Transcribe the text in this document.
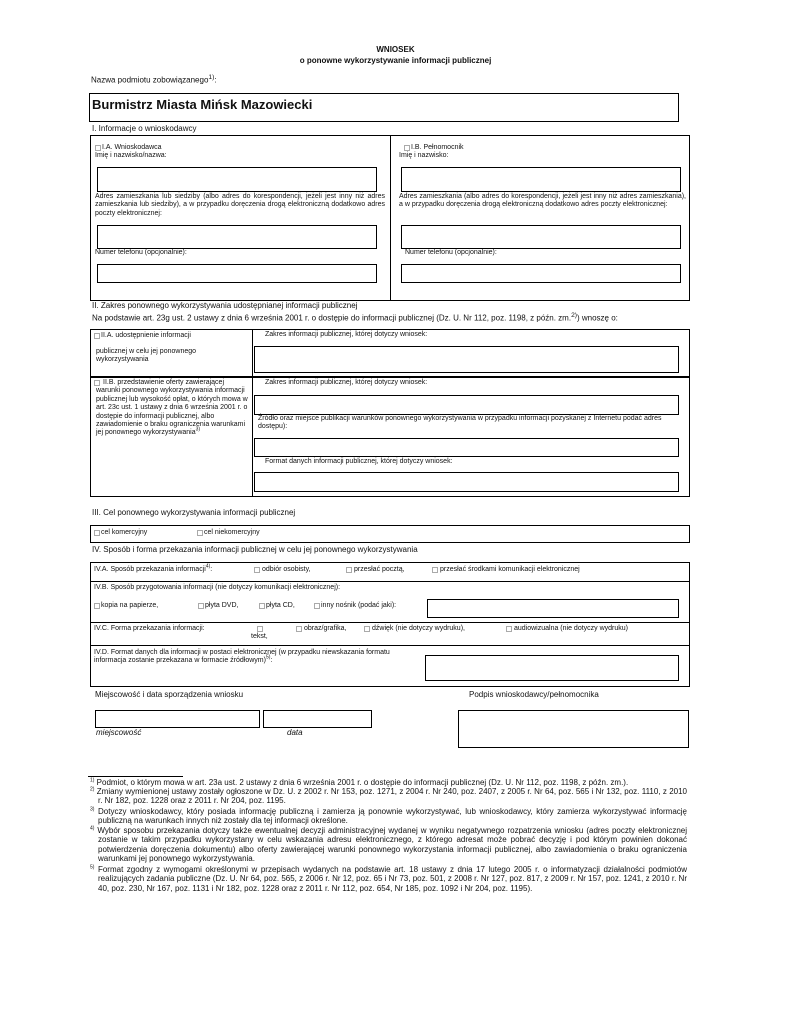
WNIOSEK
o ponowne wykorzystywanie informacji publicznej
Nazwa podmiotu zobowiązanego$^{1)}$:
Burmistrz Miasta Mińsk Mazowiecki
I. Informacje o wnioskodawcy
I.A. Wnioskodawca
Imię i nazwisko/nazwa:
Adres zamieszkania lub siedziby (albo adres do korespondencji, jeżeli jest inny niż adres zamieszkania lub siedziby), a w przypadku doręczenia drogą elektroniczną dodatkowo adres poczty elektronicznej:
Numer telefonu (opcjonalnie):
I.B. Pełnomocnik
Imię i nazwisko:
Adres zamieszkania (albo adres do korespondencji, jeżeli jest inny niż adres zamieszkania), a w przypadku doręczenia drogą elektroniczną dodatkowo adres poczty elektronicznej:
Numer telefonu (opcjonalnie):
II. Zakres ponownego wykorzystywania udostępnianej informacji publicznej
Na podstawie art. 23g ust. 2 ustawy z dnia 6 września 2001 r. o dostępie do informacji publicznej (Dz. U. Nr 112, poz. 1198, z późn. zm.$^{2)}$) wnoszę o:
II.A. udostępnienie informacji
publicznej w celu jej ponownego wykorzystywania
Zakres informacji publicznej, której dotyczy wniosek:
II.B. przedstawienie oferty zawierającej warunki ponownego wykorzystywania informacji publicznej lub wysokość opłat, o których mowa w art. 23c ust. 1 ustawy z dnia 6 września 2001 r. o dostępie do informacji publicznej, albo zawiadomienie o braku ograniczenia warunkami jej ponownego wykorzystywania$^{3)}$
Zakres informacji publicznej, której dotyczy wniosek:
Źródło oraz miejsce publikacji warunków ponownego wykorzystywania w przypadku informacji pozyskanej z Internetu podać adres dostępu):
Format danych informacji publicznej, której dotyczy wniosek:
III. Cel ponownego wykorzystywania informacji publicznej
cel komercyjny	cel niekomercyjny
IV. Sposób i forma przekazania informacji publicznej w celu jej ponownego wykorzystywania
IV.A. Sposób przekazania informacji$^{4)}$:	odbiór osobisty,	przesłać pocztą,	przesłać środkami komunikacji elektronicznej
IV.B. Sposób przygotowania informacji (nie dotyczy komunikacji elektronicznej):
kopia na papierze,	płyta DVD,	płyta CD,	inny nośnik (podać jaki):
IV.C. Forma przekazania informacji:
tekst,
obraz/grafika,	dźwięk (nie dotyczy wydruku),	audiowizualna (nie dotyczy wydruku)
IV.D. Format danych dla informacji w postaci elektronicznej (w przypadku niewskazania formatu informacja zostanie przekazana w formacie źródłowym)$^{5)}$:
Miejscowość i data sporządzenia wniosku	Podpis wnioskodawcy/pełnomocnika
miejscowość	data
$^{1)}$ Podmiot, o którym mowa w art. 23a ust. 2 ustawy z dnia 6 września 2001 r. o dostępie do informacji publicznej (Dz. U. Nr 112, poz. 1198, z późn. zm.).
$^{2)}$ Zmiany wymienionej ustawy zostały ogłoszone w Dz. U. z 2002 r. Nr 153, poz. 1271, z 2004 r. Nr 240, poz. 2407, z 2005 r. Nr 64, poz. 565 i Nr 132, poz. 1110, z 2010 r. Nr 182, poz. 1228 oraz z 2011 r. Nr 204, poz. 1195.
$^{3)}$ Dotyczy wnioskodawcy, który posiada informację publiczną i zamierza ją ponownie wykorzystywać, lub wnioskodawcy, który zamierza wykorzystywać informację publiczną na warunkach innych niż zostały dla tej informacji określone.
$^{4)}$ Wybór sposobu przekazania dotyczy także ewentualnej decyzji administracyjnej wydanej w wyniku negatywnego rozpatrzenia wniosku (adres poczty elektronicznej zostanie w takim przypadku wykorzystany w celu wskazania adresu elektronicznego, z którego adresat może pobrać decyzję i pod którym powinien dokonać potwierdzenia doręczenia dokumentu) albo oferty zawierającej warunki ponownego wykorzystania informacji publicznej, albo zawiadomienia o braku ograniczenia warunkami jej ponownego wykorzystywania.
$^{5)}$ Format zgodny z wymogami określonymi w przepisach wydanych na podstawie art. 18 ustawy z dnia 17 lutego 2005 r. o informatyzacji działalności podmiotów realizujących zadania publiczne (Dz. U. Nr 64, poz. 565, z 2006 r. Nr 12, poz. 65 i Nr 73, poz. 501, z 2008 r. Nr 127, poz. 817, z 2009 r. Nr 157, poz. 1241, z 2010 r. Nr 40, poz. 230, Nr 167, poz. 1131 i Nr 182, poz. 1228 oraz z 2011 r. Nr 112, poz. 654, Nr 185, poz. 1092 i Nr 204, poz. 1195).
